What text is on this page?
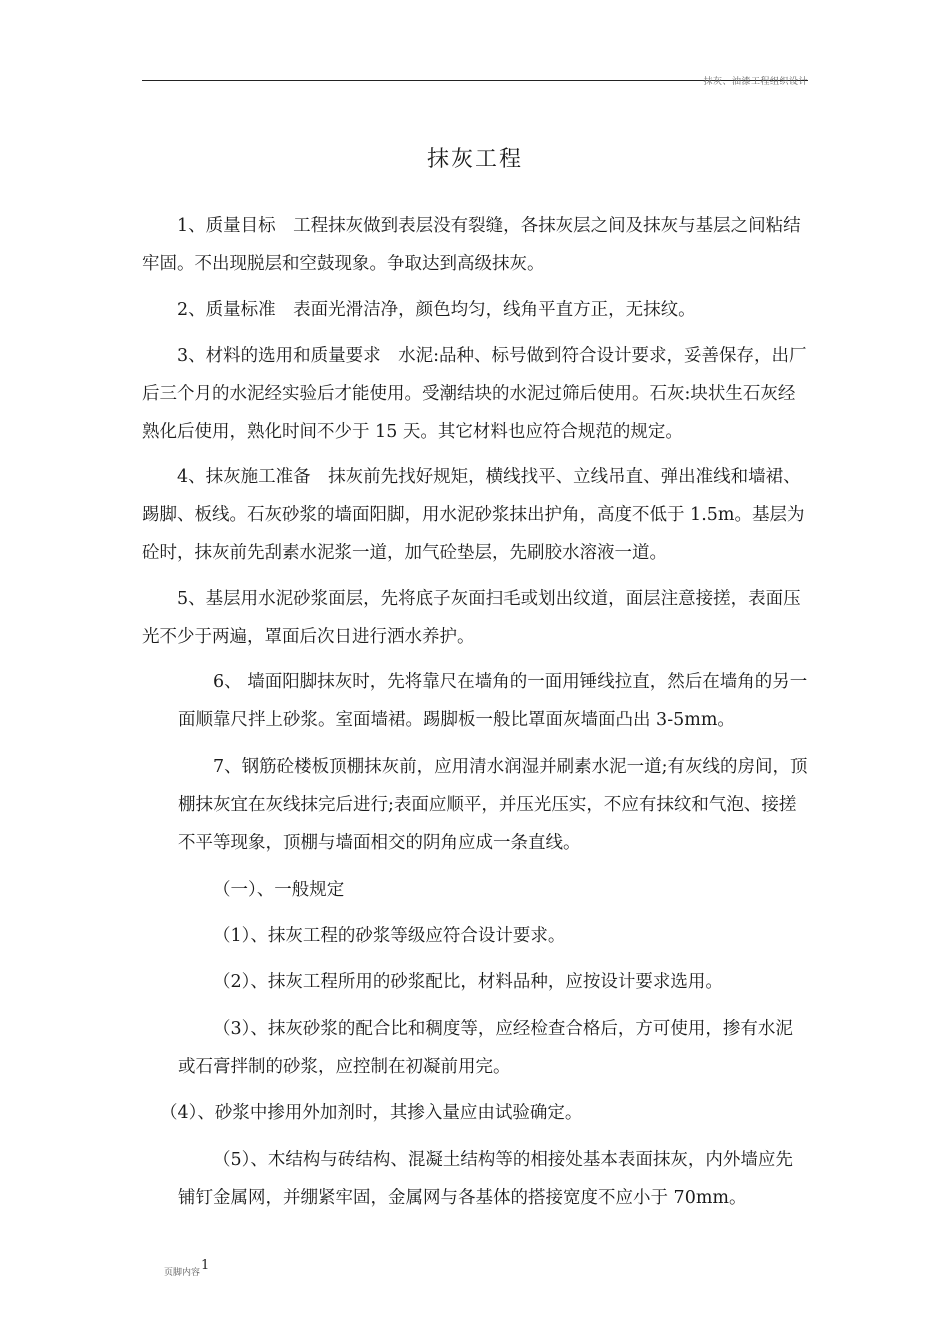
抹灰、油漆工程组织设计
抹灰工程

1、质量目标　工程抹灰做到表层没有裂缝，各抹灰层之间及抹灰与基层之间粘结牢固。不出现脱层和空鼓现象。争取达到高级抹灰。

2、质量标准　表面光滑洁净，颜色均匀，线角平直方正，无抹纹。

3、材料的选用和质量要求　水泥:品种、标号做到符合设计要求，妥善保存，出厂后三个月的水泥经实验后才能使用。受潮结块的水泥过筛后使用。石灰:块状生石灰经熟化后使用，熟化时间不少于 15 天。其它材料也应符合规范的规定。

4、抹灰施工准备　抹灰前先找好规矩，横线找平、立线吊直、弹出准线和墙裙、踢脚、板线。石灰砂浆的墙面阳脚，用水泥砂浆抹出护角，高度不低于 1.5m。基层为砼时，抹灰前先刮素水泥浆一道，加气砼垫层，先刷胶水溶液一道。

5、基层用水泥砂浆面层，先将底子灰面扫毛或划出纹道，面层注意接搓，表面压光不少于两遍，罩面后次日进行洒水养护。

6、 墙面阳脚抹灰时，先将靠尺在墙角的一面用锤线拉直，然后在墙角的另一面顺靠尺拌上砂浆。室面墙裙。踢脚板一般比罩面灰墙面凸出 3-5mm。

7、钢筋砼楼板顶棚抹灰前，应用清水润湿并刷素水泥一道;有灰线的房间，顶棚抹灰宜在灰线抹完后进行;表面应顺平，并压光压实，不应有抹纹和气泡、接搓不平等现象，顶棚与墙面相交的阴角应成一条直线。

（一）、一般规定

（1）、抹灰工程的砂浆等级应符合设计要求。

（2）、抹灰工程所用的砂浆配比，材料品种，应按设计要求选用。

（3）、抹灰砂浆的配合比和稠度等，应经检查合格后，方可使用，掺有水泥或石膏拌制的砂浆，应控制在初凝前用完。

（4）、砂浆中掺用外加剂时，其掺入量应由试验确定。

（5）、木结构与砖结构、混凝土结构等的相接处基本表面抹灰，内外墙应先铺钉金属网，并绷紧牢固，金属网与各基体的搭接宽度不应小于 70mm。

页脚内容1
